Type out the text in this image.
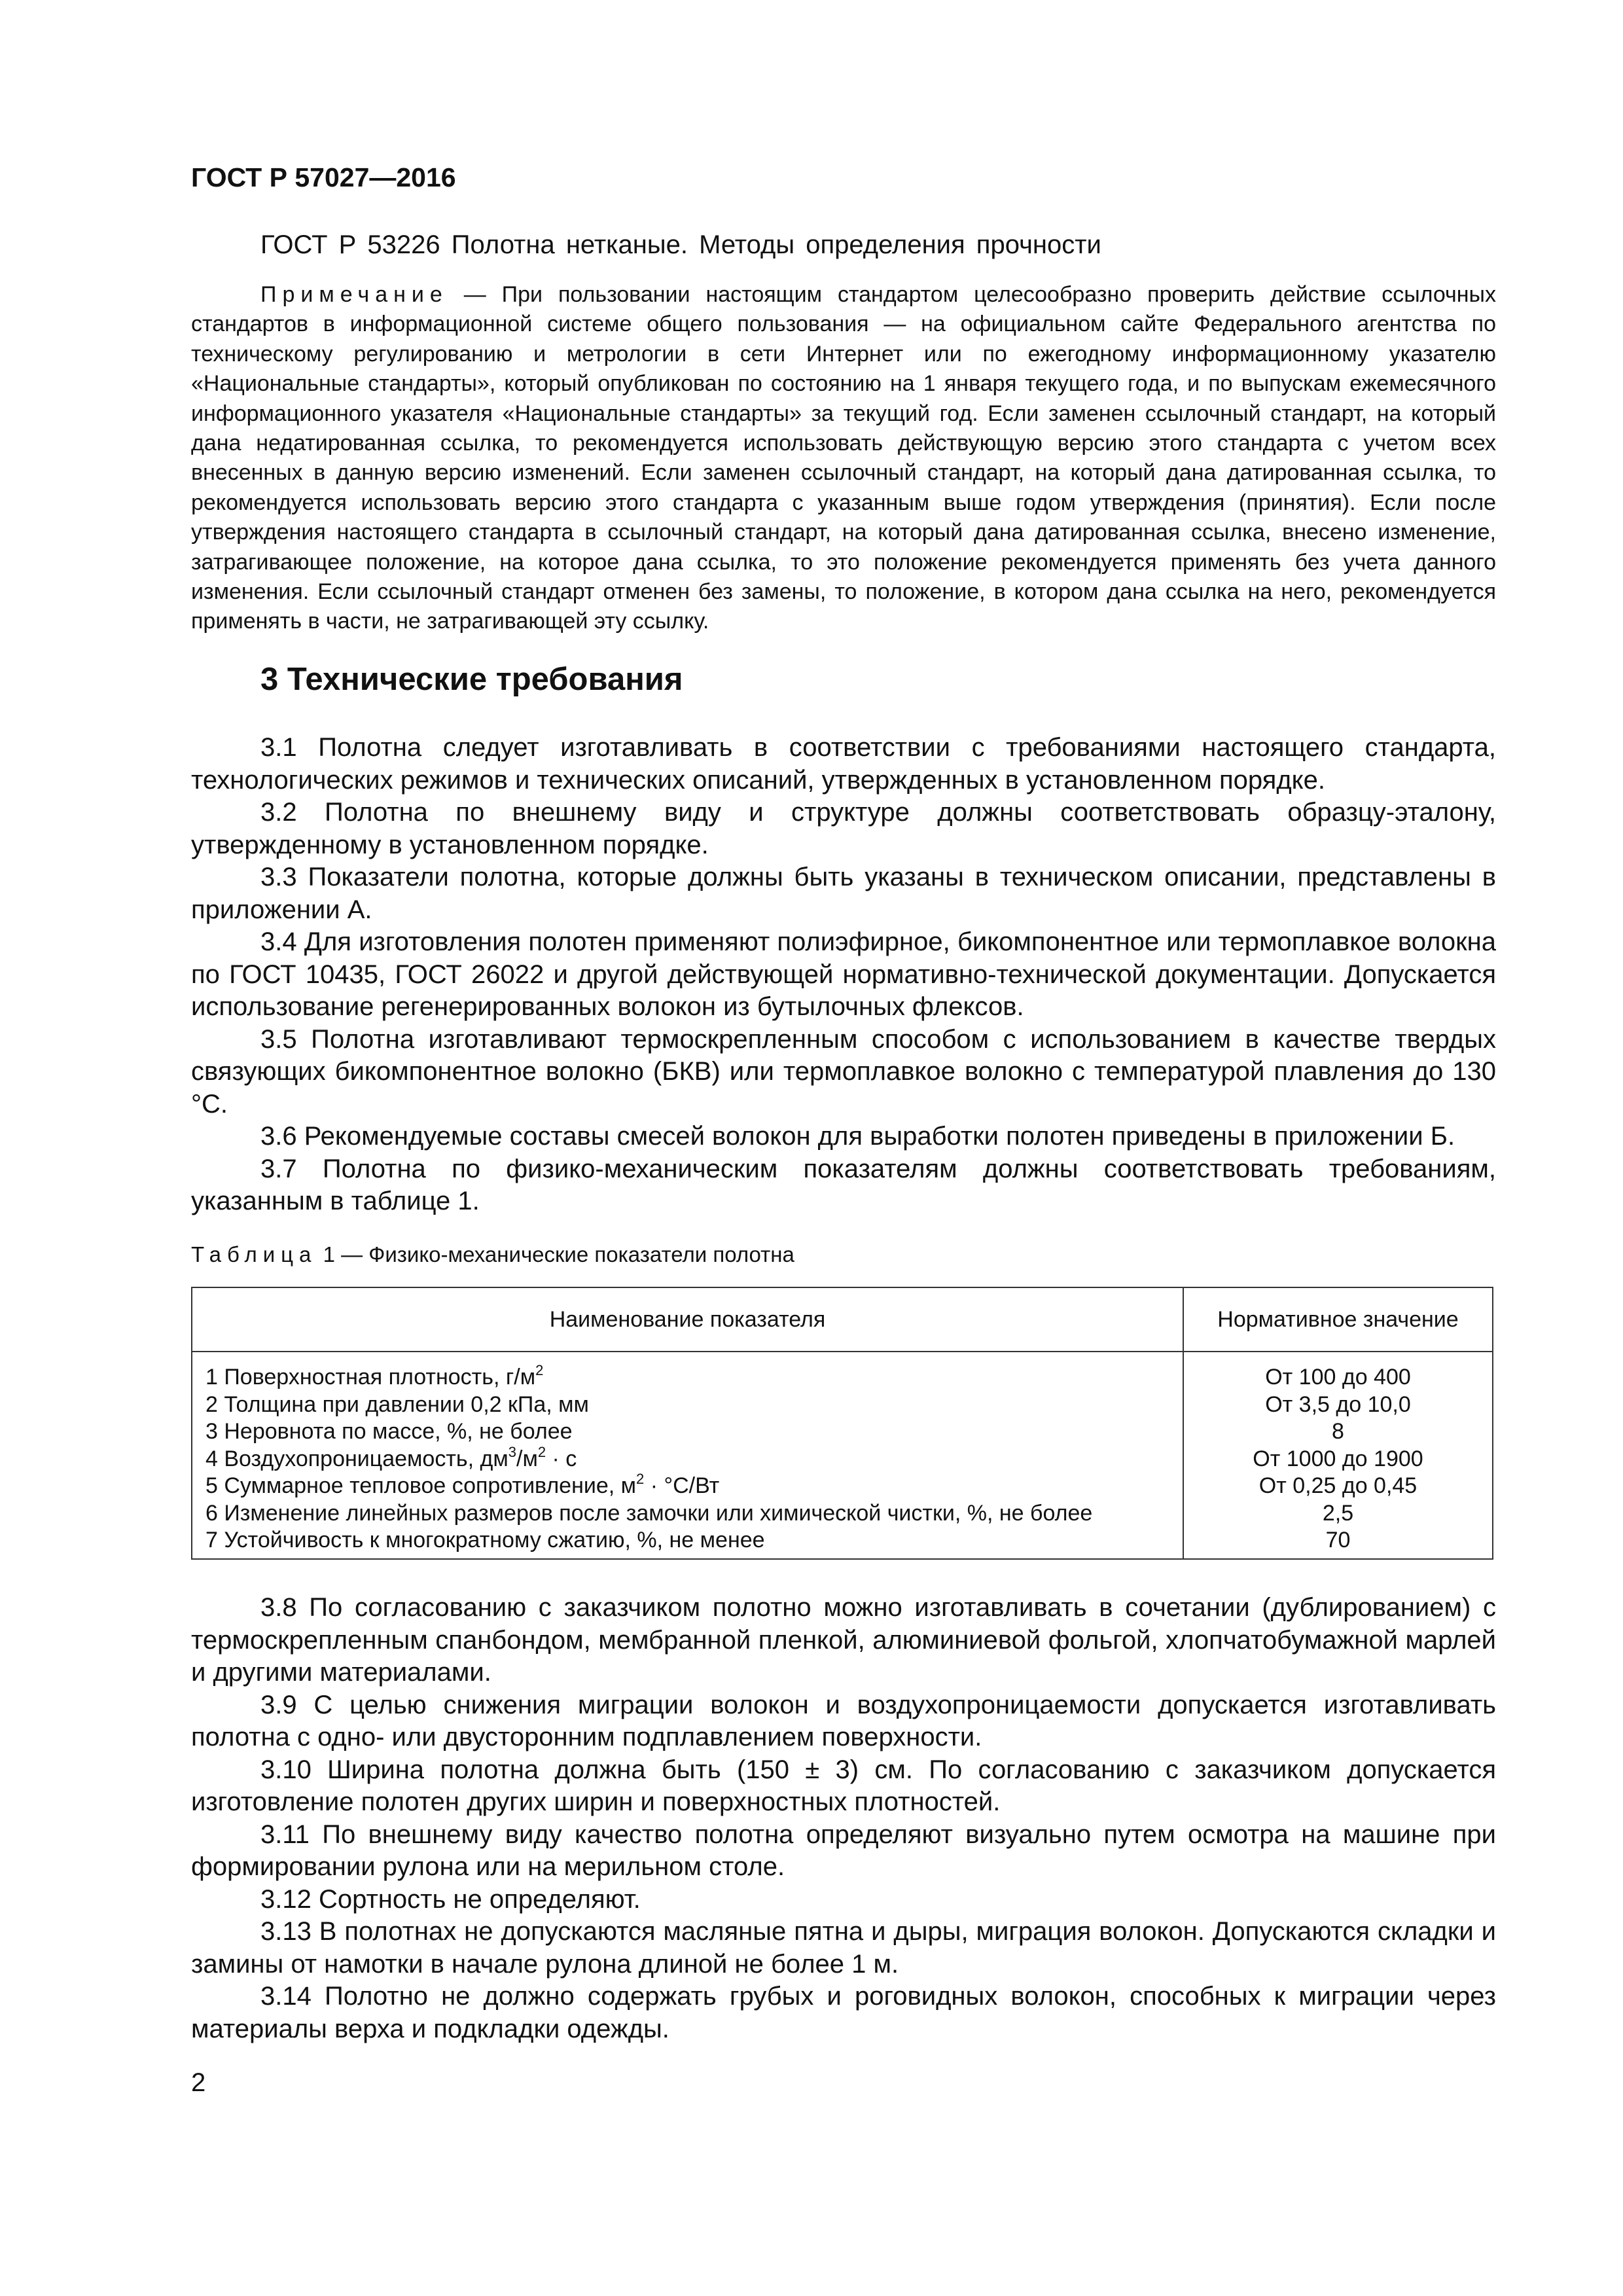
ГОСТ Р 57027—2016
ГОСТ Р 53226 Полотна нетканые. Методы определения прочности
Примечание — При пользовании настоящим стандартом целесообразно проверить действие ссылочных стандартов в информационной системе общего пользования — на официальном сайте Федерального агентства по техническому регулированию и метрологии в сети Интернет или по ежегодному информационному указателю «Национальные стандарты», который опубликован по состоянию на 1 января текущего года, и по выпускам ежемесячного информационного указателя «Национальные стандарты» за текущий год. Если заменен ссылочный стандарт, на который дана недатированная ссылка, то рекомендуется использовать действующую версию этого стандарта с учетом всех внесенных в данную версию изменений. Если заменен ссылочный стандарт, на который дана датированная ссылка, то рекомендуется использовать версию этого стандарта с указанным выше годом утверждения (принятия). Если после утверждения настоящего стандарта в ссылочный стандарт, на который дана датированная ссылка, внесено изменение, затрагивающее положение, на которое дана ссылка, то это положение рекомендуется применять без учета данного изменения. Если ссылочный стандарт отменен без замены, то положение, в котором дана ссылка на него, рекомендуется применять в части, не затрагивающей эту ссылку.
3 Технические требования

3.1 Полотна следует изготавливать в соответствии с требованиями настоящего стандарта, технологических режимов и технических описаний, утвержденных в установленном порядке.

3.2 Полотна по внешнему виду и структуре должны соответствовать образцу-эталону, утвержденному в установленном порядке.

3.3 Показатели полотна, которые должны быть указаны в техническом описании, представлены в приложении А.

3.4 Для изготовления полотен применяют полиэфирное, бикомпонентное или термоплавкое волокна по ГОСТ 10435, ГОСТ 26022 и другой действующей нормативно-технической документации. Допускается использование регенерированных волокон из бутылочных флексов.

3.5 Полотна изготавливают термоскрепленным способом с использованием в качестве твердых связующих бикомпонентное волокно (БКВ) или термоплавкое волокно с температурой плавления до 130 °С.

3.6 Рекомендуемые составы смесей волокон для выработки полотен приведены в приложении Б.

3.7 Полотна по физико-механическим показателям должны соответствовать требованиям, указанным в таблице 1.

Таблица 1 — Физико-механические показатели полотна
Наименование показателя	Нормативное значение
1 Поверхностная плотность, $г/м^2$	От 100 до 400
2 Толщина при давлении 0,2 кПа, мм	От 3,5 до 10,0
3 Неровнота по массе, %, не более	8
4 Воздухопроницаемость, $дм^3/м^2 \cdot с$	От 1000 до 1900
5 Суммарное тепловое сопротивление, $м^2 \cdot ^\circ С/Вт$	От 0,25 до 0,45
6 Изменение линейных размеров после замочки или химической чистки, %, не более	2,5
7 Устойчивость к многократному сжатию, %, не менее	70

3.8 По согласованию с заказчиком полотно можно изготавливать в сочетании (дублированием) с термоскрепленным спанбондом, мембранной пленкой, алюминиевой фольгой, хлопчатобумажной марлей и другими материалами.

3.9 С целью снижения миграции волокон и воздухопроницаемости допускается изготавливать полотна с одно- или двусторонним подплавлением поверхности.

3.10 Ширина полотна должна быть (150 ± 3) см. По согласованию с заказчиком допускается изготовление полотен других ширин и поверхностных плотностей.

3.11 По внешнему виду качество полотна определяют визуально путем осмотра на машине при формировании рулона или на мерильном столе.

3.12 Сортность не определяют.

3.13 В полотнах не допускаются масляные пятна и дыры, миграция волокон. Допускаются складки и замины от намотки в начале рулона длиной не более 1 м.

3.14 Полотно не должно содержать грубых и роговидных волокон, способных к миграции через материалы верха и подкладки одежды.

2
